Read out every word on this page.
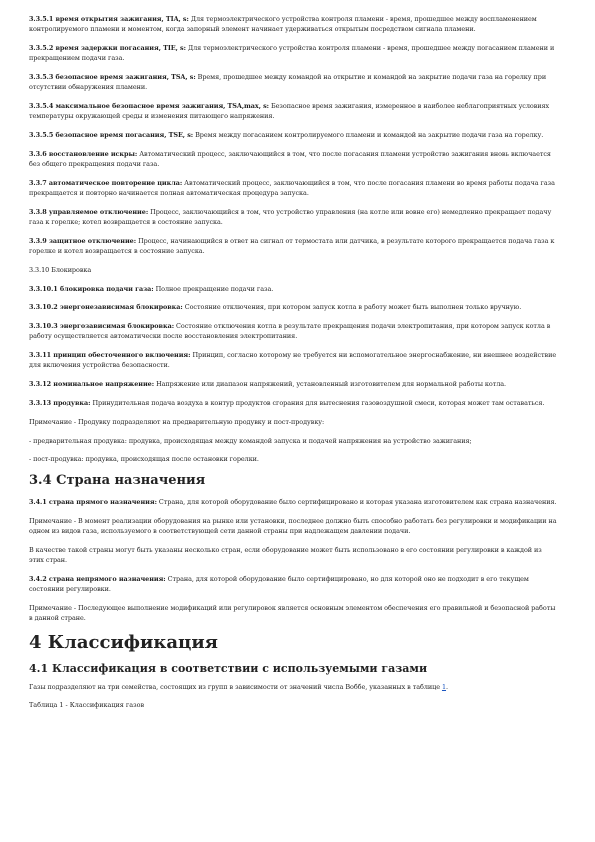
3.3.5.1 время открытия зажигания, TIA, s: Для термоэлектрического устройства контроля пламени - время, прошедшее между воспламенением контролируемого пламени и моментом, когда запорный элемент начинает удерживаться открытым посредством сигнала пламени.

3.3.5.2 время задержки погасания, TIE, s: Для термоэлектрического устройства контроля пламени - время, прошедшее между погасанием пламени и прекращением подачи газа.

3.3.5.3 безопасное время зажигания, TSA, s: Время, прошедшее между командой на открытие и командой на закрытие подачи газа на горелку при отсутствии обнаружения пламени.

3.3.5.4 максимальное безопасное время зажигания, TSA,max, s: Безопасное время зажигания, измеренное в наиболее неблагоприятных условиях температуры окружающей среды и изменения питающего напряжения.

3.3.5.5 безопасное время погасания, TSE, s: Время между погасанием контролируемого пламени и командой на закрытие подачи газа на горелку.

3.3.6 восстановление искры: Автоматический процесс, заключающийся в том, что после погасания пламени устройство зажигания вновь включается без общего прекращения подачи газа.

3.3.7 автоматическое повторение цикла: Автоматический процесс, заключающийся в том, что после погасания пламени во время работы подача газа прекращается и повторно начинается полная автоматическая процедура запуска.

3.3.8 управляемое отключение: Процесс, заключающийся в том, что устройство управления (на котле или вовне его) немедленно прекращает подачу газа к горелке; котел возвращается в состояние запуска.

3.3.9 защитное отключение: Процесс, начинающийся в ответ на сигнал от термостата или датчика, в результате которого прекращается подача газа к горелке и котел возвращается в состояние запуска.

3.3.10 Блокировка

3.3.10.1 блокировка подачи газа: Полное прекращение подачи газа.

3.3.10.2 энергонезависимая блокировка: Состояние отключения, при котором запуск котла в работу может быть выполнен только вручную.

3.3.10.3 энергозависимая блокировка: Состояние отключения котла в результате прекращения подачи электропитания, при котором запуск котла в работу осуществляется автоматически после восстановления электропитания.

3.3.11 принцип обесточенного включения: Принцип, согласно которому не требуется ни вспомогательное энергоснабжение, ни внешнее воздействие для включения устройства безопасности.

3.3.12 номинальное напряжение: Напряжение или диапазон напряжений, установленный изготовителем для нормальной работы котла.

3.3.13 продувка: Принудительная подача воздуха в контур продуктов сгорания для вытеснения газовоздушной смеси, которая может там оставаться.

Примечание - Продувку подразделяют на предварительную продувку и пост-продувку:

- предварительная продувка: продувка, происходящая между командой запуска и подачей напряжения на устройство зажигания;

- пост-продувка: продувка, происходящая после остановки горелки.

3.4 Страна назначения

3.4.1 страна прямого назначения: Страна, для которой оборудование было сертифицировано и которая указана изготовителем как страна назначения.

Примечание - В момент реализации оборудования на рынке или установки, последнее должно быть способно работать без регулировки и модификации на одном из видов газа, используемого в соответствующей сети данной страны при надлежащем давлении подачи.

В качестве такой страны могут быть указаны несколько стран, если оборудование может быть использовано в его состоянии регулировки в каждой из этих стран.

3.4.2 страна непрямого назначения: Страна, для которой оборудование было сертифицировано, но для которой оно не подходит в его текущем состоянии регулировки.

Примечание - Последующее выполнение модификаций или регулировок является основным элементом обеспечения его правильной и безопасной работы в данной стране.

4 Классификация
4.1 Классификация в соответствии с используемыми газами

Газы подразделяют на три семейства, состоящих из групп в зависимости от значений числа Воббе, указанных в таблице 1.

Таблица 1 - Классификация газов
